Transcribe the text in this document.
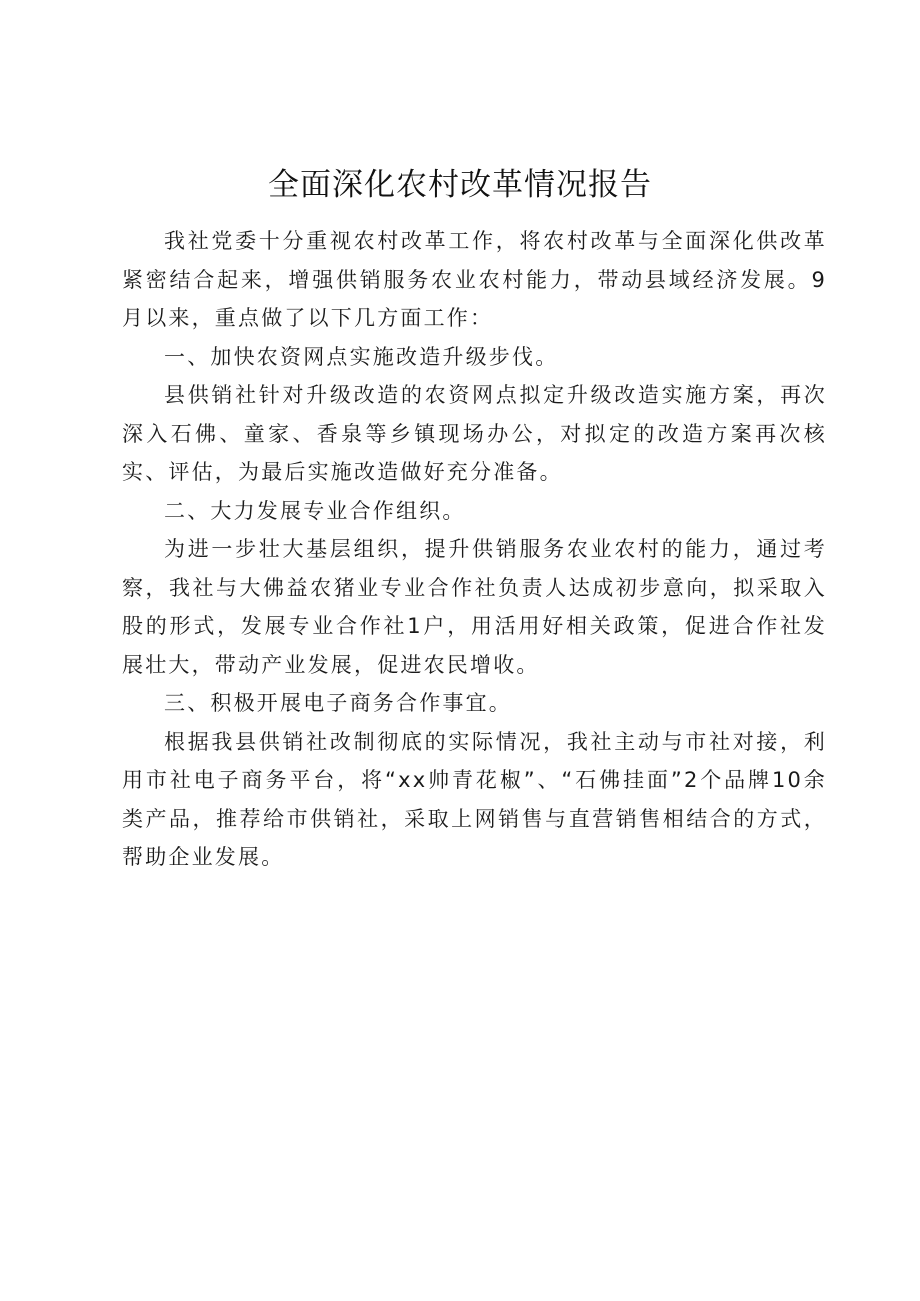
全面深化农村改革情况报告

我社党委十分重视农村改革工作，将农村改革与全面深化供改革紧密结合起来，增强供销服务农业农村能力，带动县域经济发展。9月以来，重点做了以下几方面工作：

一、加快农资网点实施改造升级步伐。

县供销社针对升级改造的农资网点拟定升级改造实施方案，再次深入石佛、童家、香泉等乡镇现场办公，对拟定的改造方案再次核实、评估，为最后实施改造做好充分准备。

二、大力发展专业合作组织。

为进一步壮大基层组织，提升供销服务农业农村的能力，通过考察，我社与大佛益农猪业专业合作社负责人达成初步意向，拟采取入股的形式，发展专业合作社1户，用活用好相关政策，促进合作社发展壮大，带动产业发展，促进农民增收。

三、积极开展电子商务合作事宜。

根据我县供销社改制彻底的实际情况，我社主动与市社对接，利用市社电子商务平台，将“xx帅青花椒”、“石佛挂面”2个品牌10余类产品，推荐给市供销社，采取上网销售与直营销售相结合的方式，帮助企业发展。
